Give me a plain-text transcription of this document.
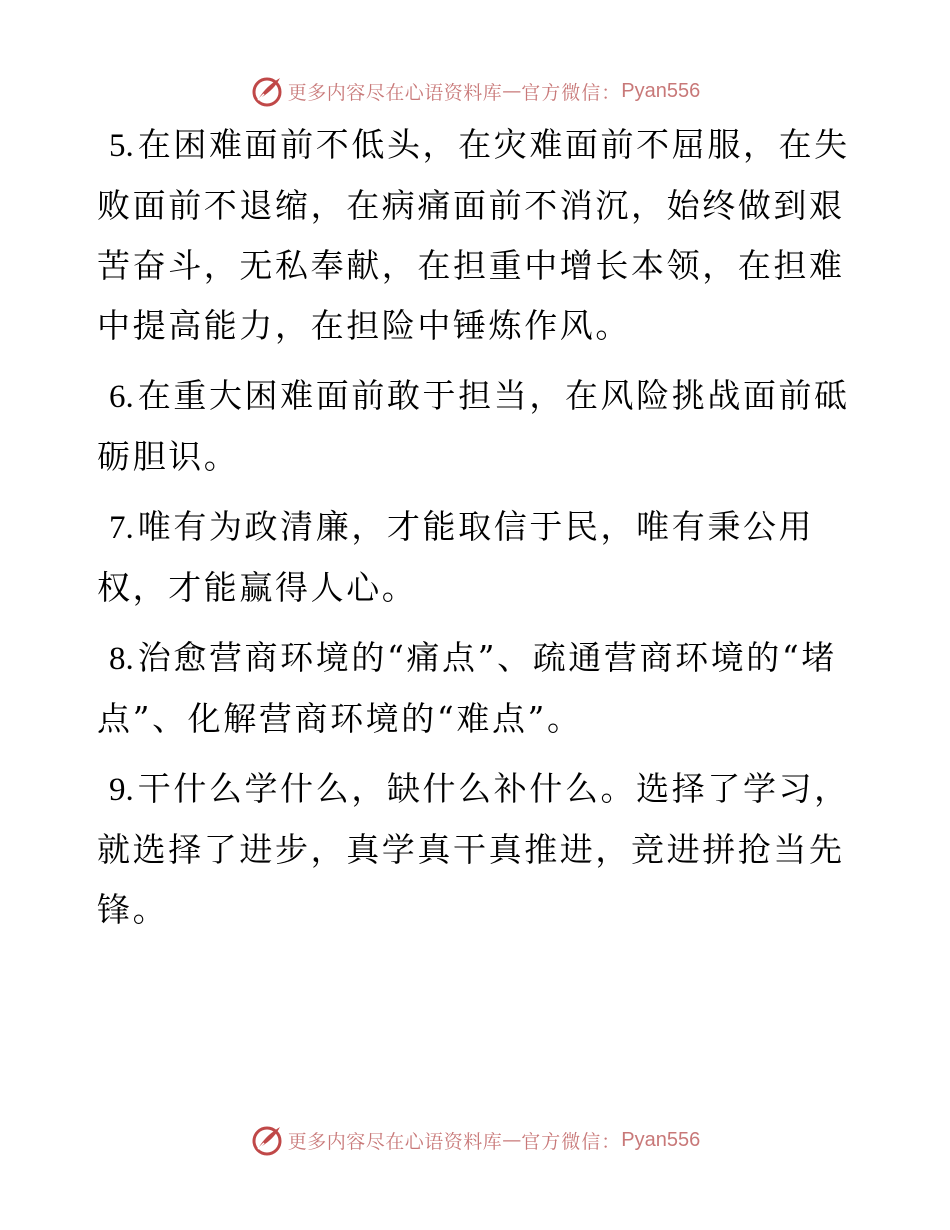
更多内容尽在心语资料库 — 官方微信： Pyan556

5. 在困难面前不低头，在灾难面前不屈服，在失败面前不退缩，在病痛面前不消沉，始终做到艰苦奋斗，无私奉献，在担重中增长本领，在担难中提高能力，在担险中锤炼作风。

6. 在重大困难面前敢于担当，在风险挑战面前砥砺胆识。

7. 唯有为政清廉，才能取信于民，唯有秉公用权，才能赢得人心。

8. 治愈营商环境的“痛点”、疏通营商环境的“堵点”、化解营商环境的“难点”。

9. 干什么学什么，缺什么补什么。选择了学习，就选择了进步，真学真干真推进，竞进拼抢当先锋。

更多内容尽在心语资料库 — 官方微信： Pyan556
